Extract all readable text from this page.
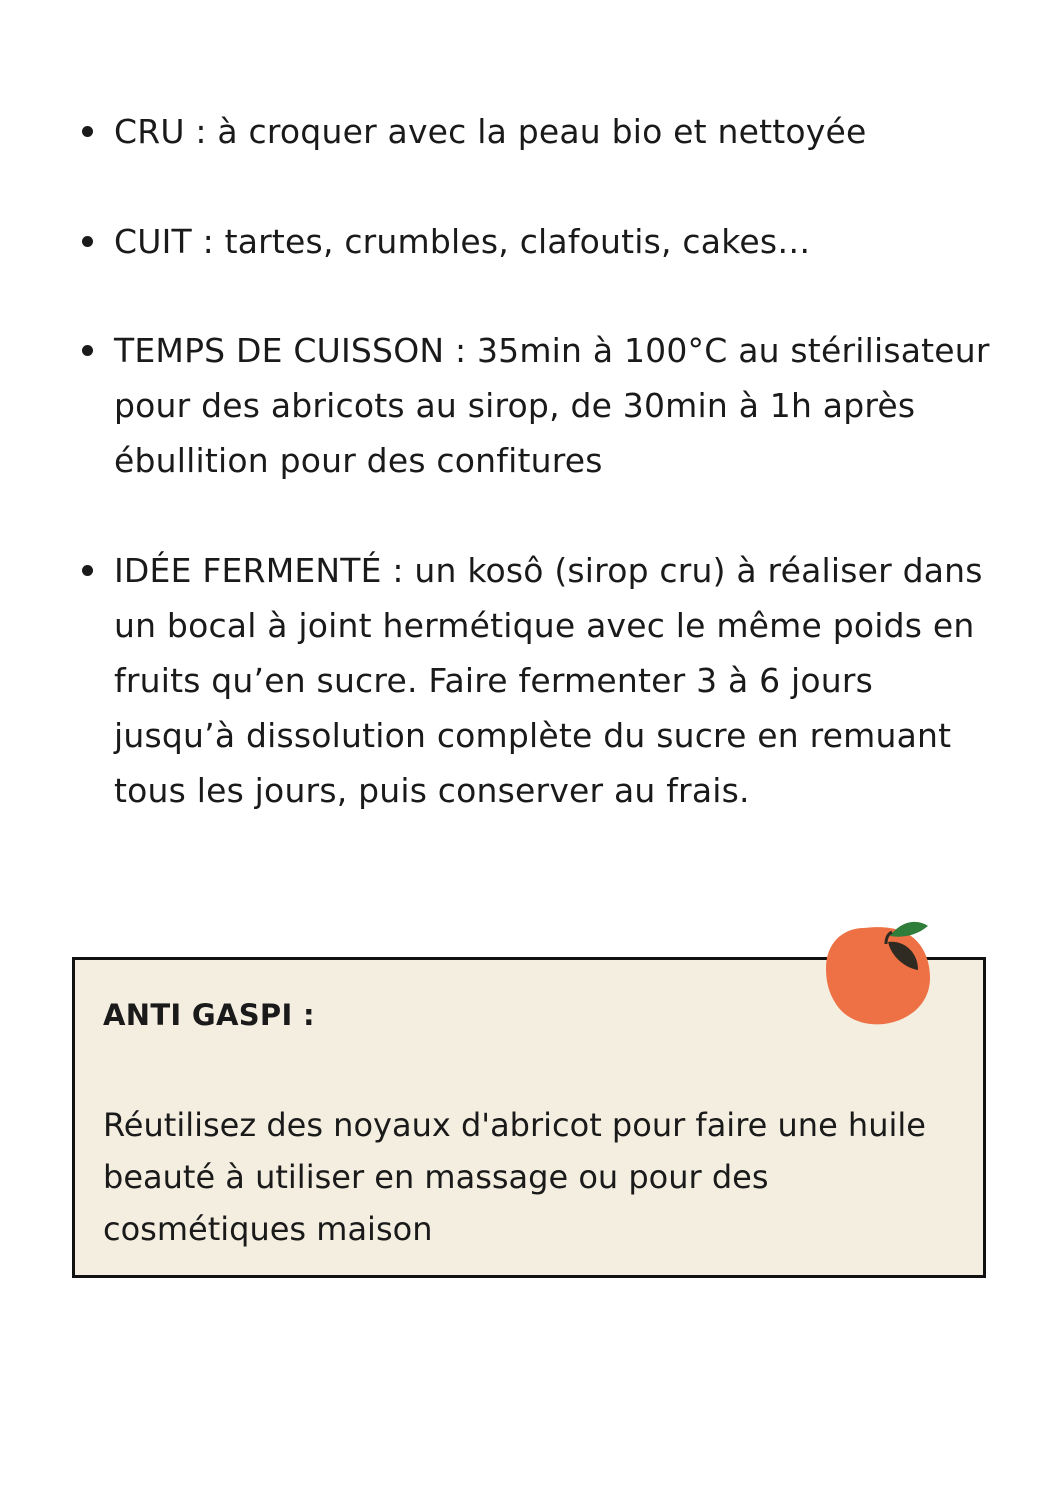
CRU : à croquer avec la peau bio et nettoyée
CUIT : tartes, crumbles, clafoutis, cakes…
TEMPS DE CUISSON : 35min à 100°C au stérilisateur pour des abricots au sirop, de 30min à 1h après ébullition pour des confitures
IDÉE FERMENTÉ : un kosô (sirop cru) à réaliser dans un bocal à joint hermétique avec le même poids en fruits qu’en sucre. Faire fermenter 3 à 6 jours jusqu’à dissolution complète du sucre en remuant tous les jours, puis conserver au frais.
ANTI GASPI :
Réutilisez des noyaux d'abricot pour faire une huile beauté à utiliser en massage ou pour des cosmétiques maison
